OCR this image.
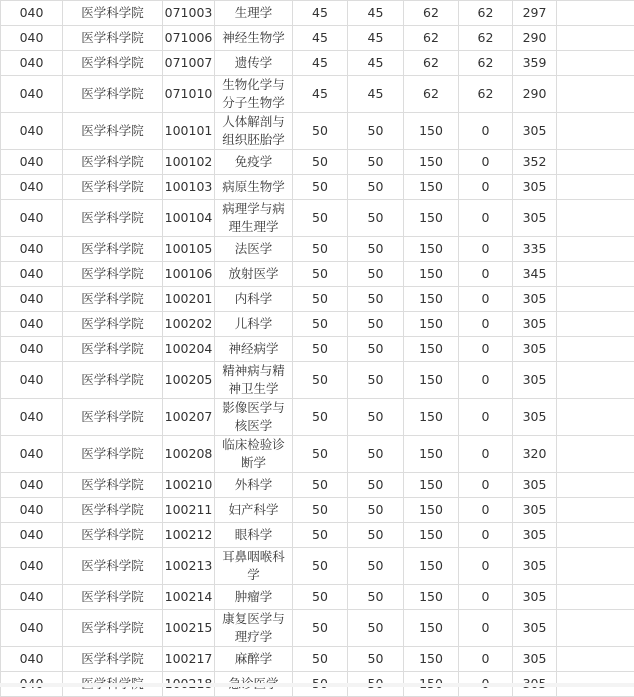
040	医学科学院	071003	生理学	45	45	62	62	297	
040	医学科学院	071006	神经生物学	45	45	62	62	290	
040	医学科学院	071007	遗传学	45	45	62	62	359	
040	医学科学院	071010	生物化学与分子生物学	45	45	62	62	290	
040	医学科学院	100101	人体解剖与组织胚胎学	50	50	150	0	305	
040	医学科学院	100102	免疫学	50	50	150	0	352	
040	医学科学院	100103	病原生物学	50	50	150	0	305	
040	医学科学院	100104	病理学与病理生理学	50	50	150	0	305	
040	医学科学院	100105	法医学	50	50	150	0	335	
040	医学科学院	100106	放射医学	50	50	150	0	345	
040	医学科学院	100201	内科学	50	50	150	0	305	
040	医学科学院	100202	儿科学	50	50	150	0	305	
040	医学科学院	100204	神经病学	50	50	150	0	305	
040	医学科学院	100205	精神病与精神卫生学	50	50	150	0	305	
040	医学科学院	100207	影像医学与核医学	50	50	150	0	305	
040	医学科学院	100208	临床检验诊断学	50	50	150	0	320	
040	医学科学院	100210	外科学	50	50	150	0	305	
040	医学科学院	100211	妇产科学	50	50	150	0	305	
040	医学科学院	100212	眼科学	50	50	150	0	305	
040	医学科学院	100213	耳鼻咽喉科学	50	50	150	0	305	
040	医学科学院	100214	肿瘤学	50	50	150	0	305	
040	医学科学院	100215	康复医学与理疗学	50	50	150	0	305	
040	医学科学院	100217	麻醉学	50	50	150	0	305	
